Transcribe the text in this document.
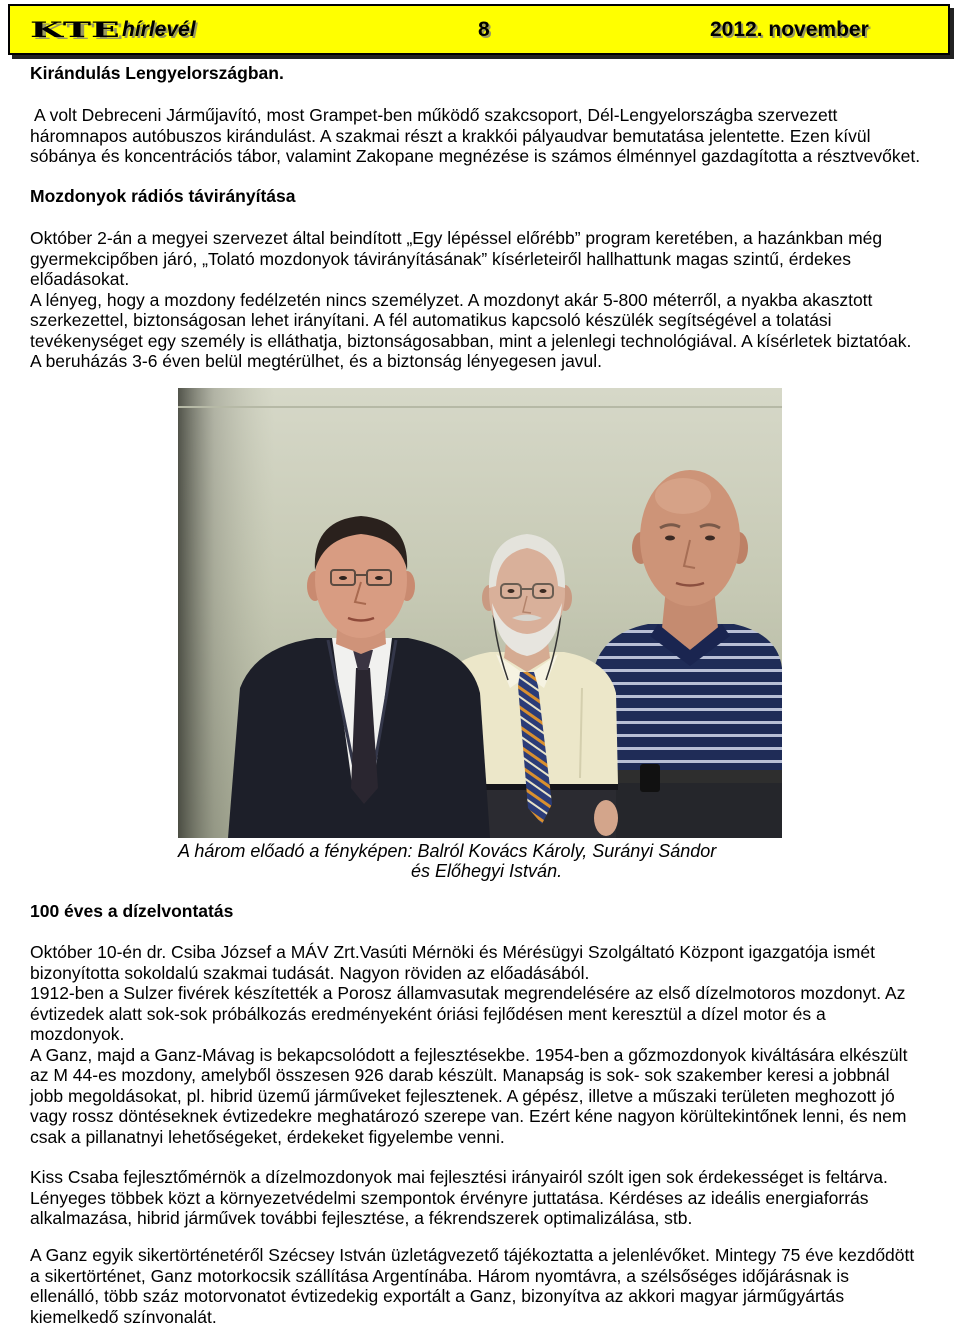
KTE hírlevél	8	2012. november
Kirándulás Lengyelországban.
A volt Debreceni Járműjavító, most Grampet-ben működő szakcsoport, Dél-Lengyelországba szervezett
háromnapos autóbuszos kirándulást. A szakmai részt a krakkói pályaudvar bemutatása jelentette. Ezen kívül
sóbánya és koncentrációs tábor, valamint Zakopane megnézése is számos élménnyel gazdagította a résztvevőket.
Mozdonyok rádiós távirányítása
Október 2-án a megyei szervezet által beindított „Egy lépéssel előrébb” program keretében, a hazánkban még
gyermekcipőben járó, „Tolató mozdonyok távirányításának” kísérleteiről hallhattunk magas szintű, érdekes
előadásokat.
A lényeg, hogy a mozdony fedélzetén nincs személyzet. A mozdonyt akár 5-800 méterről, a nyakba akasztott
szerkezettel, biztonságosan lehet irányítani. A fél automatikus kapcsoló készülék segítségével a tolatási
tevékenységet egy személy is elláthatja, biztonságosabban, mint a jelenlegi technológiával. A kísérletek biztatóak.
A beruházás 3-6 éven belül megtérülhet, és a biztonság lényegesen javul.
A három előadó a fényképen: Balról Kovács Károly, Surányi Sándor
és Előhegyi István.
100 éves a dízelvontatás
Október 10-én dr. Csiba József a MÁV Zrt.Vasúti Mérnöki és Mérésügyi Szolgáltató Központ igazgatója ismét
bizonyította sokoldalú szakmai tudását. Nagyon röviden az előadásából.
1912-ben a Sulzer fivérek készítették a Porosz államvasutak megrendelésére az első dízelmotoros mozdonyt. Az
évtizedek alatt sok-sok próbálkozás eredményeként óriási fejlődésen ment keresztül a dízel motor és a
mozdonyok.
A Ganz, majd a Ganz-Mávag is bekapcsolódott a fejlesztésekbe. 1954-ben a gőzmozdonyok kiváltására elkészült
az M 44-es mozdony, amelyből összesen 926 darab készült. Manapság is sok- sok szakember keresi a jobbnál
jobb megoldásokat, pl. hibrid üzemű járműveket fejlesztenek. A gépész, illetve a műszaki területen meghozott jó
vagy rossz döntéseknek évtizedekre meghatározó szerepe van. Ezért kéne nagyon körültekintőnek lenni, és nem
csak a pillanatnyi lehetőségeket, érdekeket figyelembe venni.
Kiss Csaba fejlesztőmérnök a dízelmozdonyok mai fejlesztési irányairól szólt igen sok érdekességet is feltárva.
Lényeges többek közt a környezetvédelmi szempontok érvényre juttatása. Kérdéses az ideális energiaforrás
alkalmazása, hibrid járművek további fejlesztése, a fékrendszerek optimalizálása, stb.
A Ganz egyik sikertörténetéről Szécsey István üzletágvezető tájékoztatta a jelenlévőket. Mintegy 75 éve kezdődött
a sikertörténet, Ganz motorkocsik szállítása Argentínába. Három nyomtávra, a szélsőséges időjárásnak is
ellenálló, több száz motorvonatot évtizedekig exportált a Ganz, bizonyítva az akkori magyar járműgyártás
kiemelkedő színvonalát.
